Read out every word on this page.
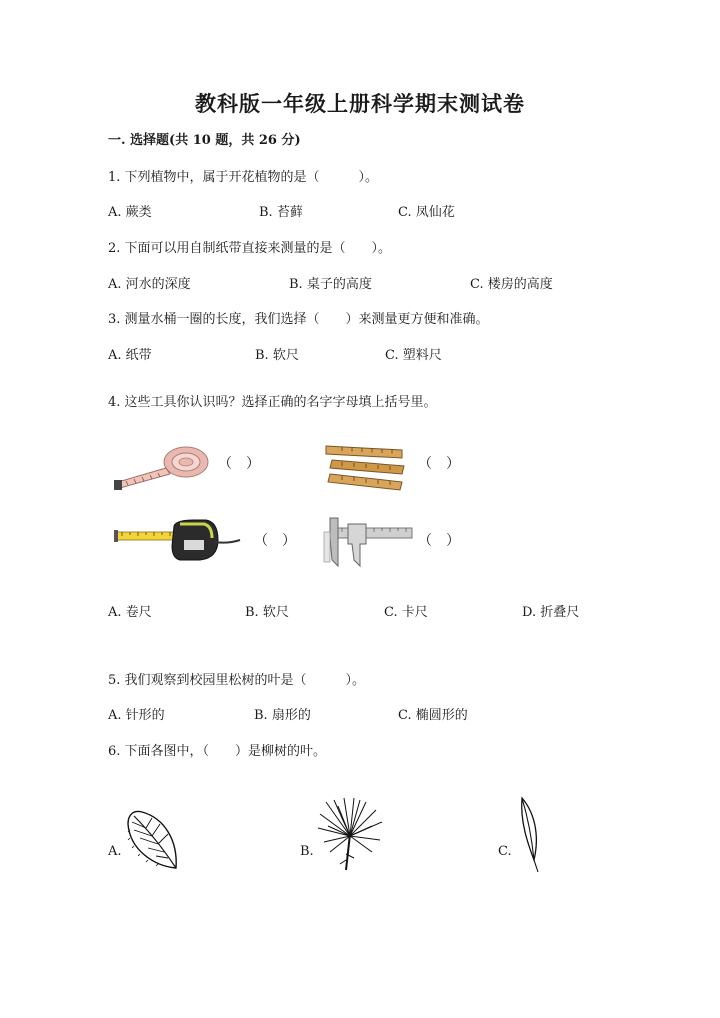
教科版一年级上册科学期末测试卷
一. 选择题(共 10 题，共 26 分)
1. 下列植物中，属于开花植物的是（　　　）。
A. 蕨类	B. 苔藓	C. 凤仙花
2. 下面可以用自制纸带直接来测量的是（　　）。
A. 河水的深度	B. 桌子的高度	C. 楼房的高度
3. 测量水桶一圈的长度，我们选择（　　）来测量更方便和准确。
A. 纸带	B. 软尺	C. 塑料尺
4. 这些工具你认识吗？选择正确的名字字母填上括号里。
（　）	（　）
（　）	（　）
A. 卷尺	B. 软尺	C. 卡尺	D. 折叠尺
5. 我们观察到校园里松树的叶是（　　　）。
A. 针形的	B. 扇形的	C. 椭圆形的
6. 下面各图中，（　　）是柳树的叶。
A.	B.	C.
